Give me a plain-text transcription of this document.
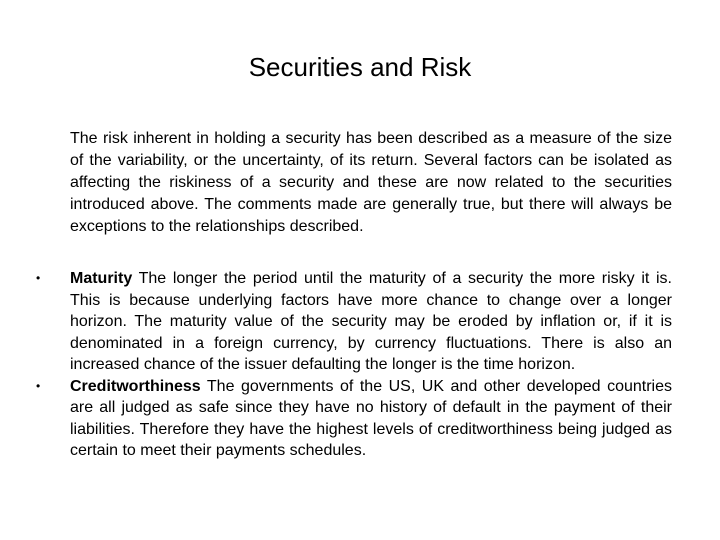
Securities and Risk
The risk inherent in holding a security has been described as a measure of the size of the variability, or the uncertainty, of its return. Several factors can be isolated as affecting the riskiness of a security and these are now related to the securities introduced above. The comments made are generally true, but there will always be exceptions to the relationships described.
•	Maturity The longer the period until the maturity of a security the more risky it is. This is because underlying factors have more chance to change over a longer horizon. The maturity value of the security may be eroded by inflation or, if it is denominated in a foreign currency, by currency fluctuations. There is also an increased chance of the issuer defaulting the longer is the time horizon.
•	Creditworthiness The governments of the US, UK and other developed countries are all judged as safe since they have no history of default in the payment of their liabilities. Therefore they have the highest levels of creditworthiness being judged as certain to meet their payments schedules.
